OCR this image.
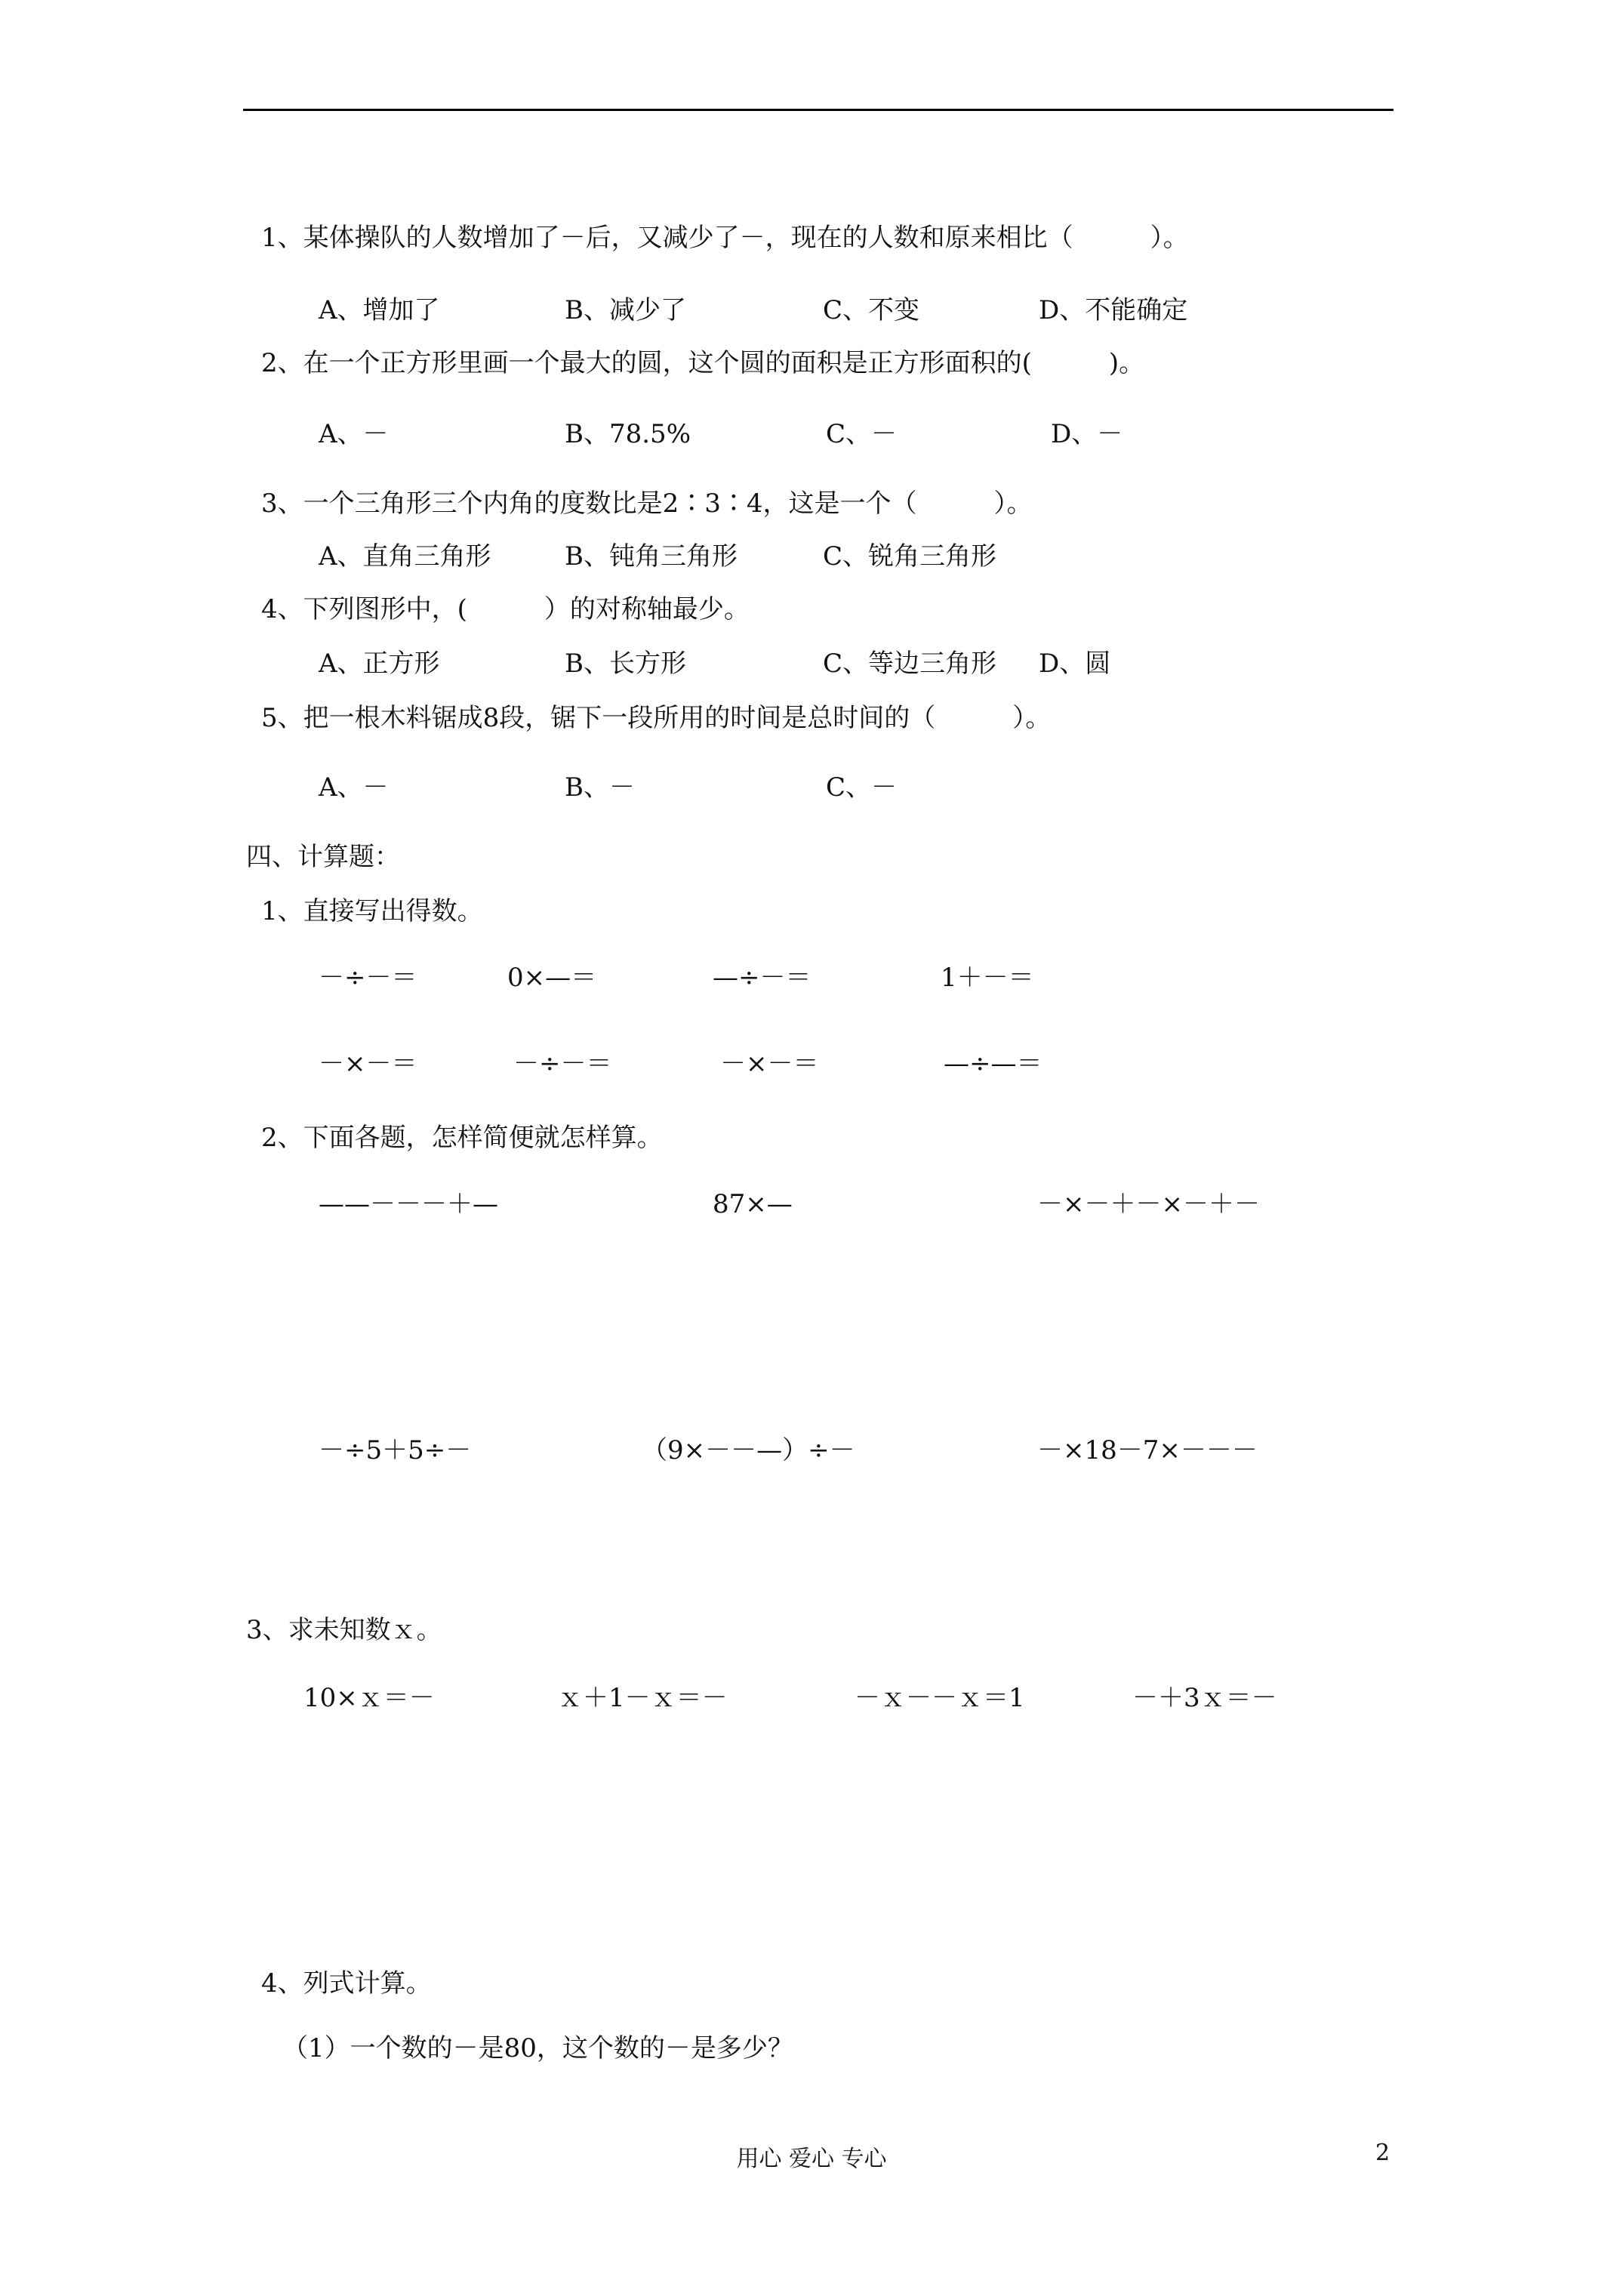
1、某体操队的人数增加了－后，又减少了－，现在的人数和原来相比（　　　）。
A、增加了	B、减少了	C、不变	D、不能确定
2、在一个正方形里画一个最大的圆，这个圆的面积是正方形面积的(　　　)。
A、－	B、78.5%	C、－	D、－
3、一个三角形三个内角的度数比是2∶3∶4，这是一个（　　　）。
A、直角三角形	B、钝角三角形	C、锐角三角形
4、下列图形中，(　　　）的对称轴最少。
A、正方形	B、长方形	C、等边三角形 D、圆
5、把一根木料锯成8段，锯下一段所用的时间是总时间的（　　　）。
A、－	B、－	C、－
四、计算题：
1、直接写出得数。
－÷－＝	0×—＝	—÷－＝	1＋－＝
－×－＝	－÷－＝	－×－＝	—÷—＝
2、下面各题，怎样简便就怎样算。
——－－－＋—	87×—	－×－＋－×－＋－
－÷5＋5÷－	（9×－－—）÷－	－×18－7×－－－
3、求未知数ｘ。
10×ｘ＝－	ｘ＋1－ｘ＝－	－ｘ－－ｘ＝1	－＋3ｘ＝－
4、列式计算。
（1）一个数的－是80，这个数的－是多少？
用心 爱心 专心	2
